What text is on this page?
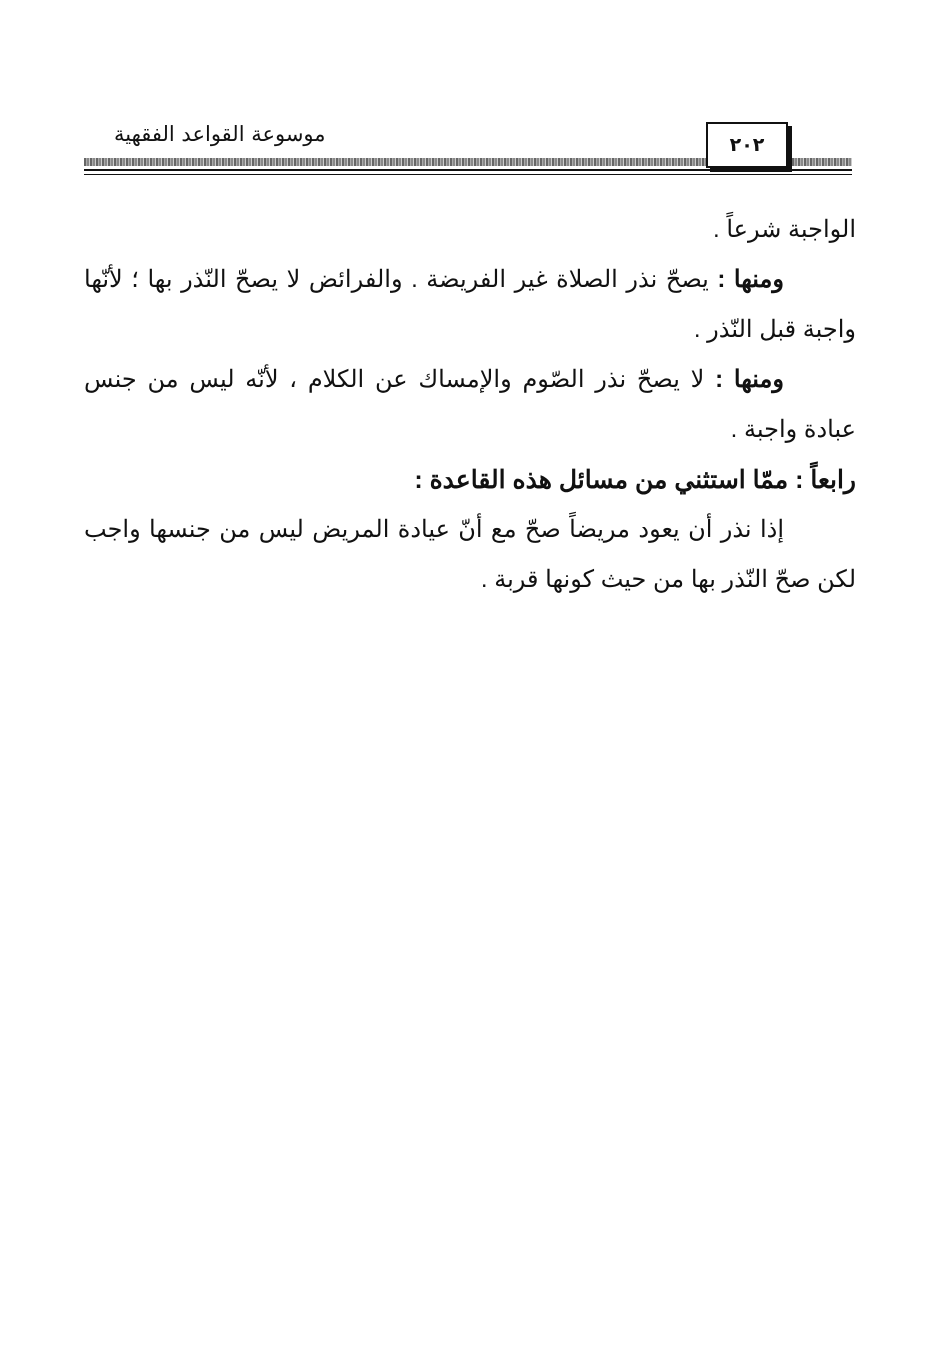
٢٠٢
موسوعة القواعد الفقهية

الواجبة شرعاً .

ومنها : يصحّ نذر الصلاة غير الفريضة . والفرائض لا يصحّ النّذر بها ؛ لأنّها واجبة قبل النّذر .

ومنها : لا يصحّ نذر الصّوم والإمساك عن الكلام ، لأنّه ليس من جنس عبادة واجبة .

رابعاً : ممّا استثني من مسائل هذه القاعدة :

إذا نذر أن يعود مريضاً صحّ مع أنّ عيادة المريض ليس من جنسها واجب لكن صحّ النّذر بها من حيث كونها قربة .
